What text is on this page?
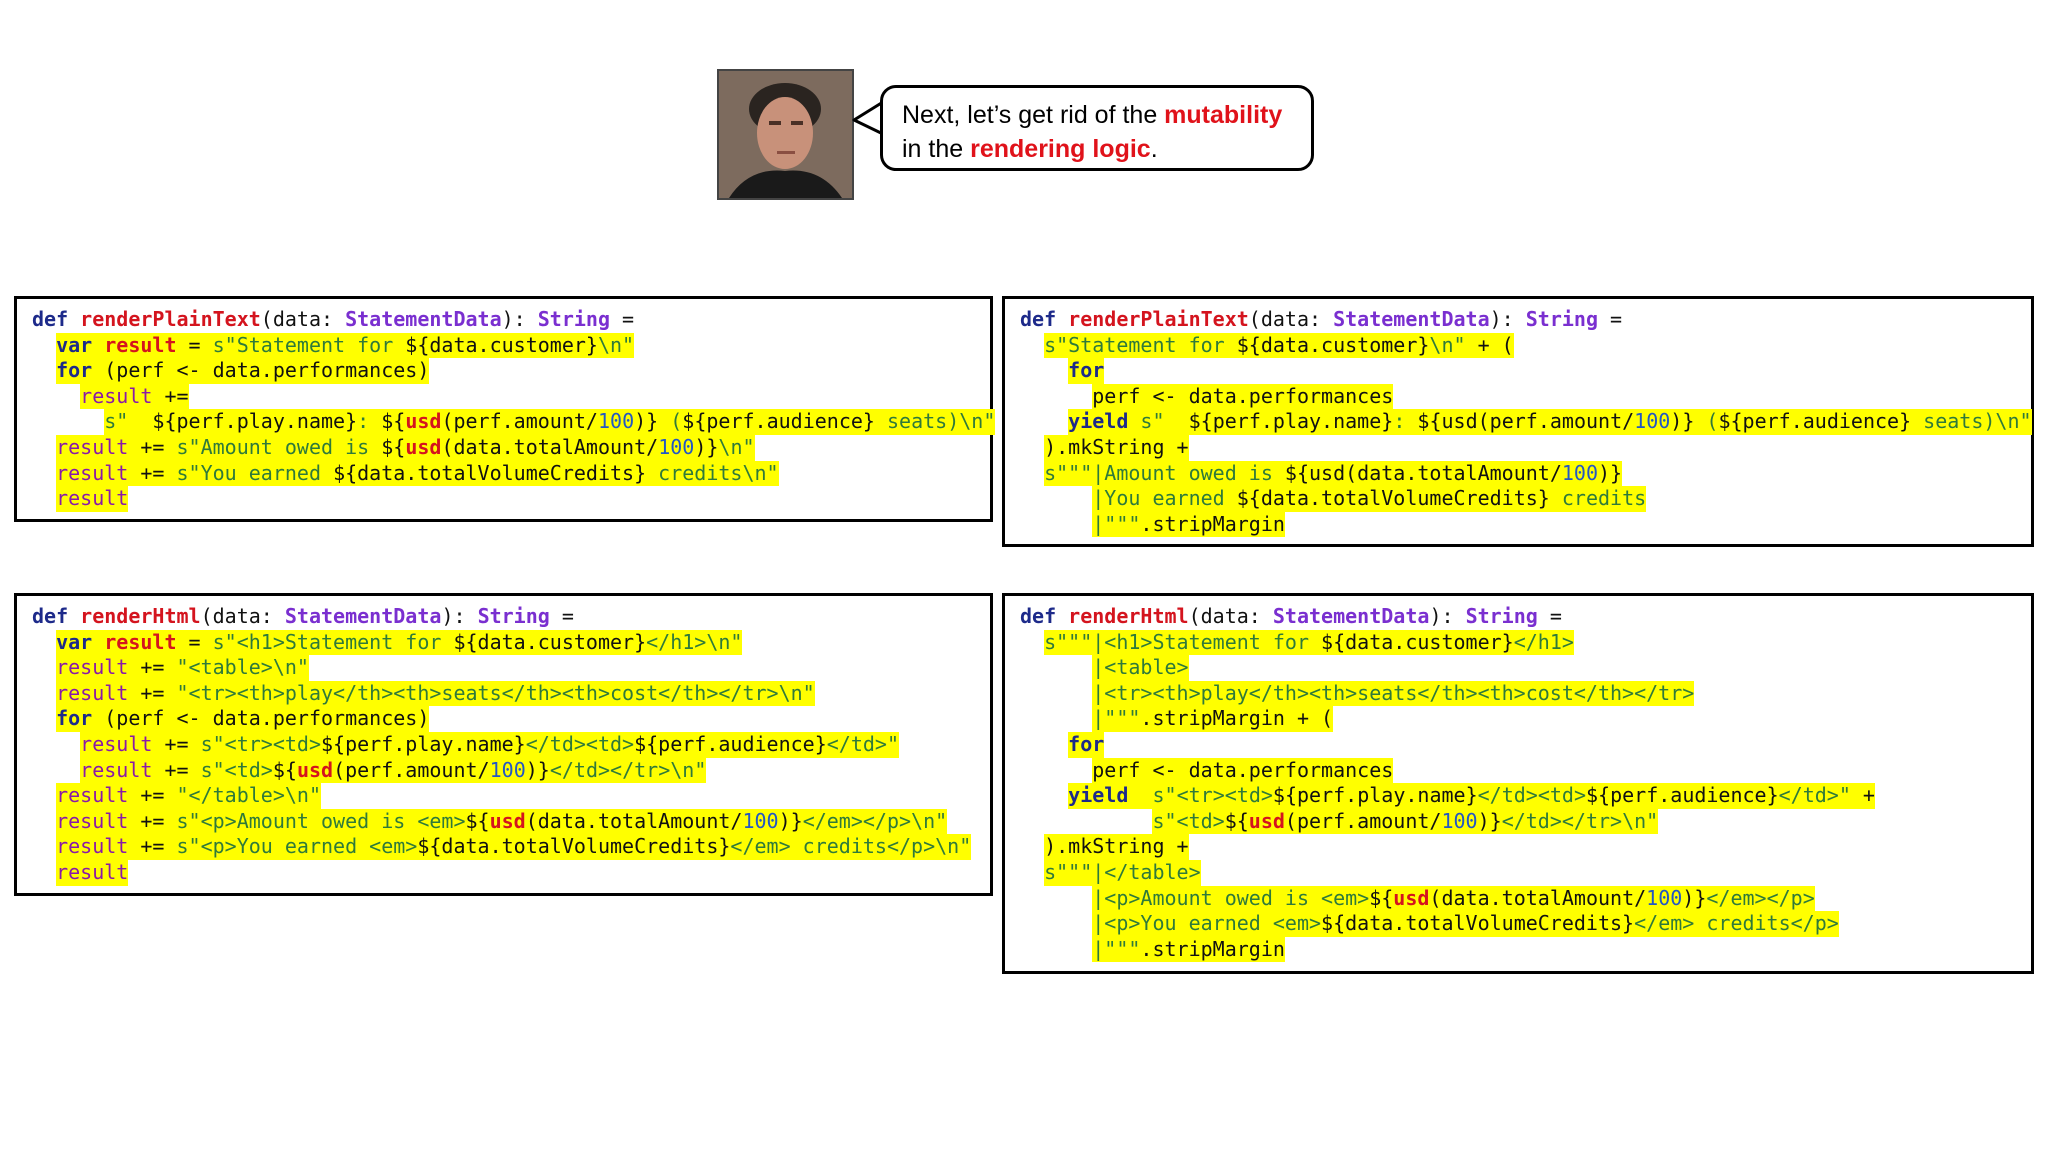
Next, let’s get rid of the mutability
in the rendering logic.
def renderPlainText(data: StatementData): String =
var result = s"Statement for ${data.customer}\n"
for (perf <- data.performances)
result +=
s"  ${perf.play.name}: ${usd(perf.amount/100)} (${perf.audience} seats)\n"
result += s"Amount owed is ${usd(data.totalAmount/100)}\n"
result += s"You earned ${data.totalVolumeCredits} credits\n"
result
def renderPlainText(data: StatementData): String =
s"Statement for ${data.customer}\n" + (
for
perf <- data.performances
yield s"  ${perf.play.name}: ${usd(perf.amount/100)} (${perf.audience} seats)\n"
).mkString +
s"""|Amount owed is ${usd(data.totalAmount/100)}
|You earned ${data.totalVolumeCredits} credits
|""".stripMargin
def renderHtml(data: StatementData): String =
var result = s"<h1>Statement for ${data.customer}</h1>\n"
result += "<table>\n"
result += "<tr><th>play</th><th>seats</th><th>cost</th></tr>\n"
for (perf <- data.performances)
result += s"<tr><td>${perf.play.name}</td><td>${perf.audience}</td>"
result += s"<td>${usd(perf.amount/100)}</td></tr>\n"
result += "</table>\n"
result += s"<p>Amount owed is <em>${usd(data.totalAmount/100)}</em></p>\n"
result += s"<p>You earned <em>${data.totalVolumeCredits}</em> credits</p>\n"
result
def renderHtml(data: StatementData): String =
s"""|<h1>Statement for ${data.customer}</h1>
|<table>
|<tr><th>play</th><th>seats</th><th>cost</th></tr>
|""".stripMargin + (
for
perf <- data.performances
yield s"<tr><td>${perf.play.name}</td><td>${perf.audience}</td>" +
s"<td>${usd(perf.amount/100)}</td></tr>\n"
).mkString +
s"""|</table>
|<p>Amount owed is <em>${usd(data.totalAmount/100)}</em></p>
|<p>You earned <em>${data.totalVolumeCredits}</em> credits</p>
|""".stripMargin
